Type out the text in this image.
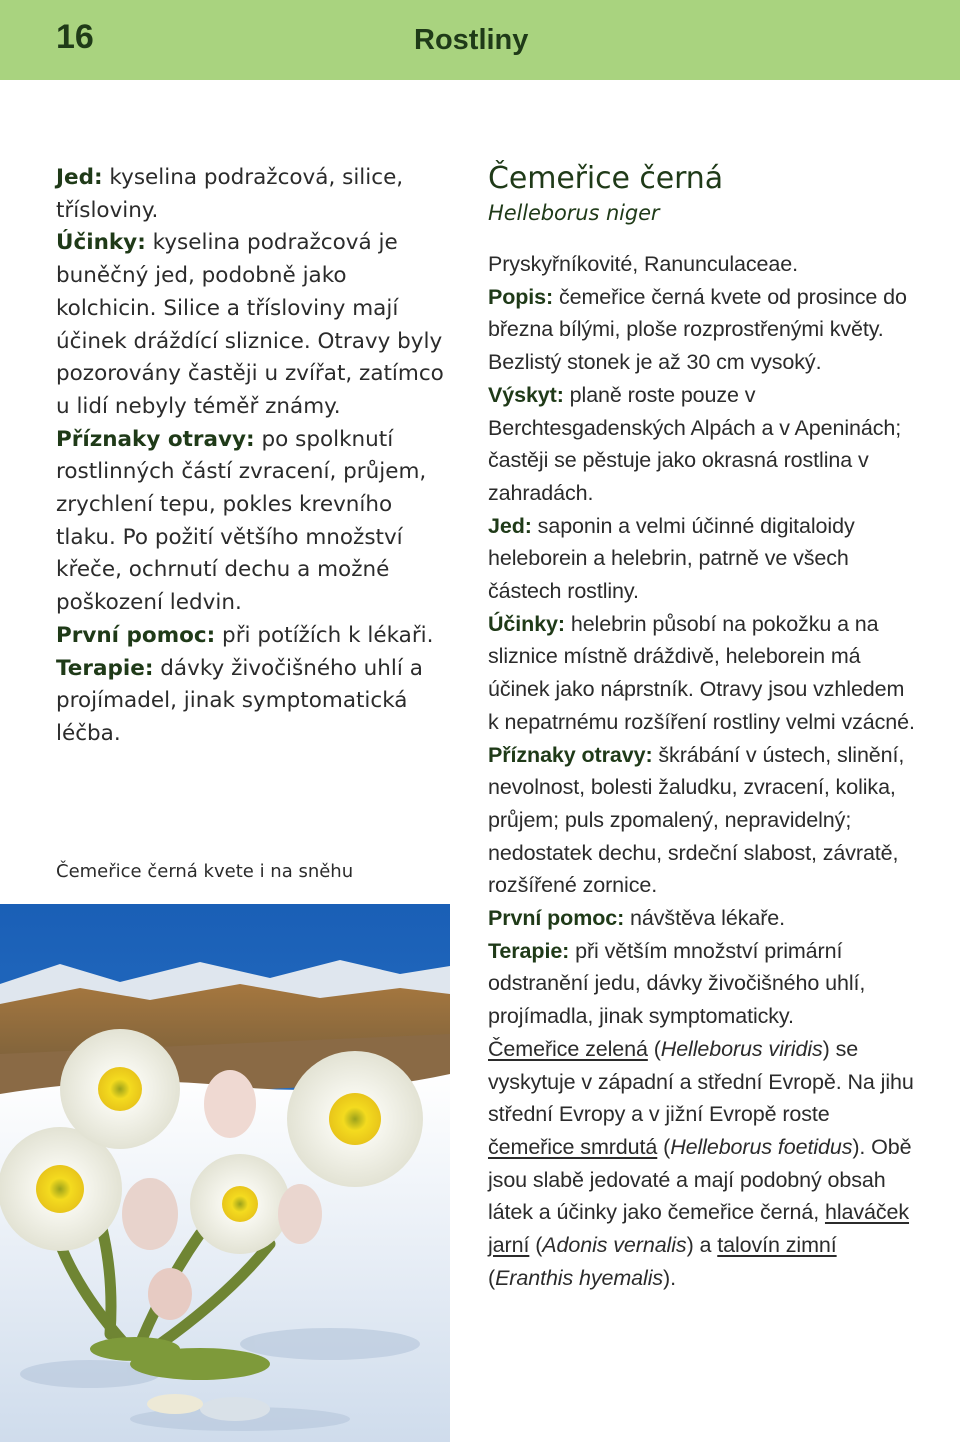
16	Rostliny

Jed: kyselina podražcová, silice, třísloviny.

Účinky: kyselina podražcová je buněčný jed, podobně jako kolchicin. Silice a třísloviny mají účinek dráždící sliznice. Otravy byly pozorovány častěji u zvířat, zatímco u lidí nebyly téměř známy.

Příznaky otravy: po spolknutí rostlinných částí zvracení, průjem, zrychlení tepu, pokles krevního tlaku. Po požití většího množství křeče, ochrnutí dechu a možné poškození ledvin.

První pomoc: při potížích k lékaři.

Terapie: dávky živočišného uhlí a projímadel, jinak symptomatická léčba.

Čemeřice černá kvete i na sněhu

Čemeřice černá

Helleborus niger

Pryskyřníkovité, Ranunculaceae.

Popis: čemeřice černá kvete od prosince do března bílými, ploše rozprostřenými květy. Bezlistý stonek je až 30 cm vysoký.

Výskyt: planě roste pouze v Berchtesgadenských Alpách a v Apeninách; častěji se pěstuje jako okrasná rostlina v zahradách.

Jed: saponin a velmi účinné digitaloidy heleborein a helebrin, patrně ve všech částech rostliny.

Účinky: helebrin působí na pokožku a na sliznice místně dráždivě, heleborein má účinek jako náprstník. Otravy jsou vzhledem k nepatrnému rozšíření rostliny velmi vzácné.

Příznaky otravy: škrábání v ústech, slinění, nevolnost, bolesti žaludku, zvracení, kolika, průjem; puls zpomalený, nepravidelný; nedostatek dechu, srdeční slabost, závratě, rozšířené zornice.

První pomoc: návštěva lékaře.

Terapie: při větším množství primární odstranění jedu, dávky živočišného uhlí, projímadla, jinak symptomaticky.

Čemeřice zelená (Helleborus viridis) se vyskytuje v západní a střední Evropě. Na jihu střední Evropy a v jižní Evropě roste čemeřice smrdutá (Helleborus foetidus). Obě jsou slabě jedovaté a mají podobný obsah látek a účinky jako čemeřice černá, hlaváček jarní (Adonis vernalis) a talovín zimní (Eranthis hyemalis).
